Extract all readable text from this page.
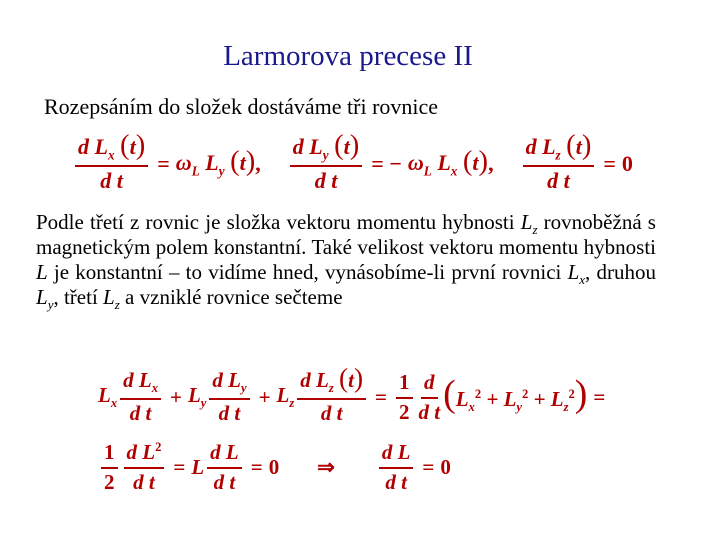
Larmorova precese II
Rozepsáním do složek dostáváme tři rovnice
$\frac{d L_x (t)}{\text{d t}} = \omega_L$ $L_y$ (t) , $\frac{d L_y (t)}{\text{d t}}$ = − $\omega_L$ $L_x$ (t) , $\frac{d L_z (t)}{\text{d t}} = 0$
Podle třetí z rovnic je složka vektoru momentu hybnosti $L_z$ rovnoběžná s magnetickým polem konstantní. Také velikost vektoru momentu hybnosti L je konstantní – to vidíme hned, vynásobíme-li první rovnici $L_x$, druhou $L_y$, třetí $L_z$ a vzniklé rovnice sečteme
$L_x \frac{d L_x}{\text{d t}} + L_y \frac{d L_y}{\text{d t}} + L_z \frac{d L_z (t)}{\text{d t}} = \frac{1}{2} \frac{d}{\text{d t}} (L_x^2 + L_y^2 + L_z^2)$ =
$\frac{1}{2} \frac{d L^2}{\text{d t}} = L \frac{\text{d L}}{\text{d t}} = 0$ ⇒ $\frac{\text{d L}}{\text{d t}} = 0$
